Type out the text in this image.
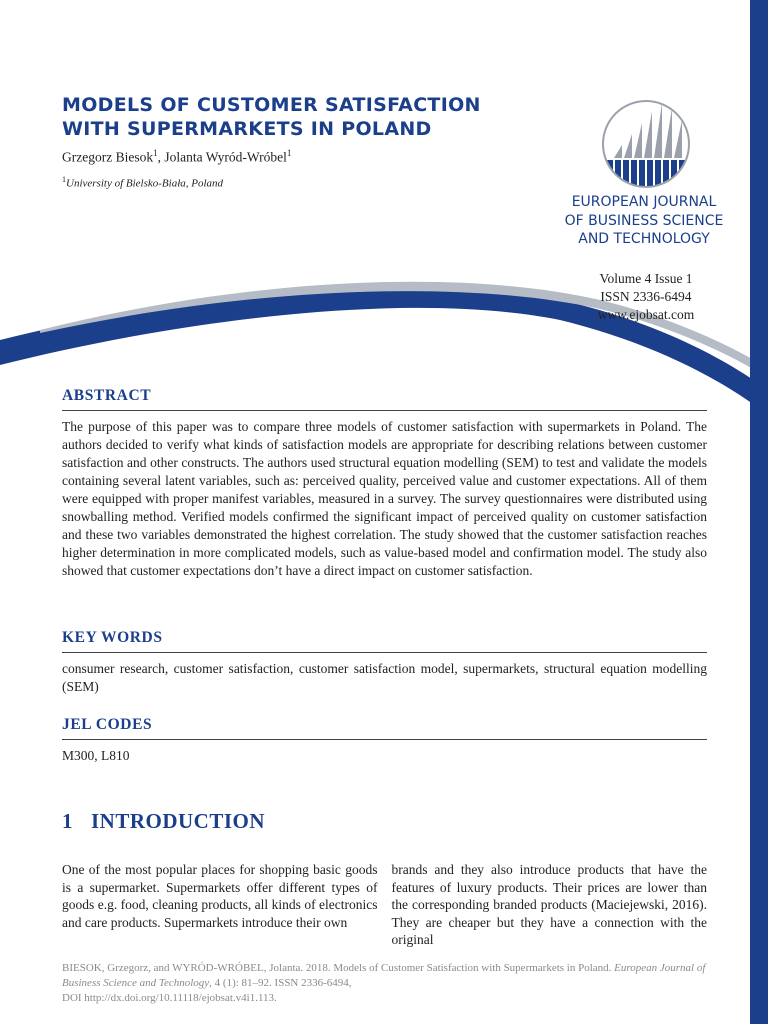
MODELS OF CUSTOMER SATISFACTION
WITH SUPERMARKETS IN POLAND
Grzegorz Biesok$^1$, Jolanta Wyród-Wróbel$^1$
$^1$University of Bielsko-Biała, Poland
EUROPEAN JOURNAL
OF BUSINESS SCIENCE
AND TECHNOLOGY
Volume 4 Issue 1
ISSN 2336-6494
www.ejobsat.com
ABSTRACT

The purpose of this paper was to compare three models of customer satisfaction with supermarkets in Poland. The authors decided to verify what kinds of satisfaction models are appropriate for describing relations between customer satisfaction and other constructs. The authors used structural equation modelling (SEM) to test and validate the models containing several latent variables, such as: perceived quality, perceived value and customer expectations. All of them were equipped with proper manifest variables, measured in a survey. The survey questionnaires were distributed using snowballing method. Verified models confirmed the significant impact of perceived quality on customer satisfaction and these two variables demonstrated the highest correlation. The study showed that the customer satisfaction reaches higher determination in more complicated models, such as value-based model and confirmation model. The study also showed that customer expectations don’t have a direct impact on customer satisfaction.

KEY WORDS

consumer research, customer satisfaction, customer satisfaction model, supermarkets, structural equation modelling (SEM)

JEL CODES

M300, L810

1 INTRODUCTION

One of the most popular places for shopping basic goods is a supermarket. Supermarkets offer different types of goods e.g. food, cleaning products, all kinds of electronics and care products. Supermarkets introduce their own

brands and they also introduce products that have the features of luxury products. Their prices are lower than the corresponding branded products (Maciejewski, 2016). They are cheaper but they have a connection with the original

BIESOK, Grzegorz, and WYRÓD-WRÓBEL, Jolanta. 2018. Models of Customer Satisfaction with Supermarkets in Poland. European Journal of Business Science and Technology, 4 (1): 81–92. ISSN 2336-6494,
DOI http://dx.doi.org/10.11118/ejobsat.v4i1.113.
